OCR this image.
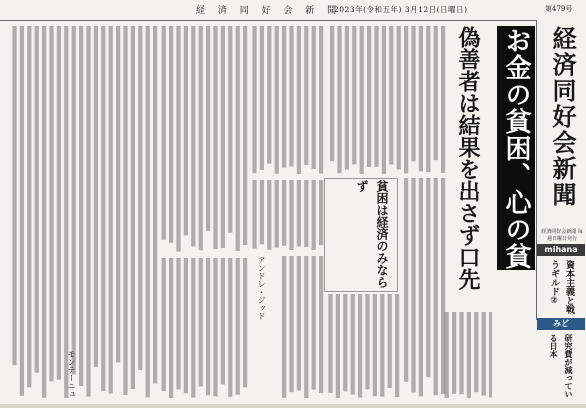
経 済 同 好 会 新 聞
2023年(令和五年) 3月12日(日曜日)	第479号
貧困は経済のみならず
アンドレ・ジッド
モンテーニュ
偽善者は結果を出さず口先
お金の貧困、心の貧
経済同好会新聞
経済同好会新聞 毎週日曜日発行
mihana
資本主義と戦うギルド②
みど
研究費が減っている日本
